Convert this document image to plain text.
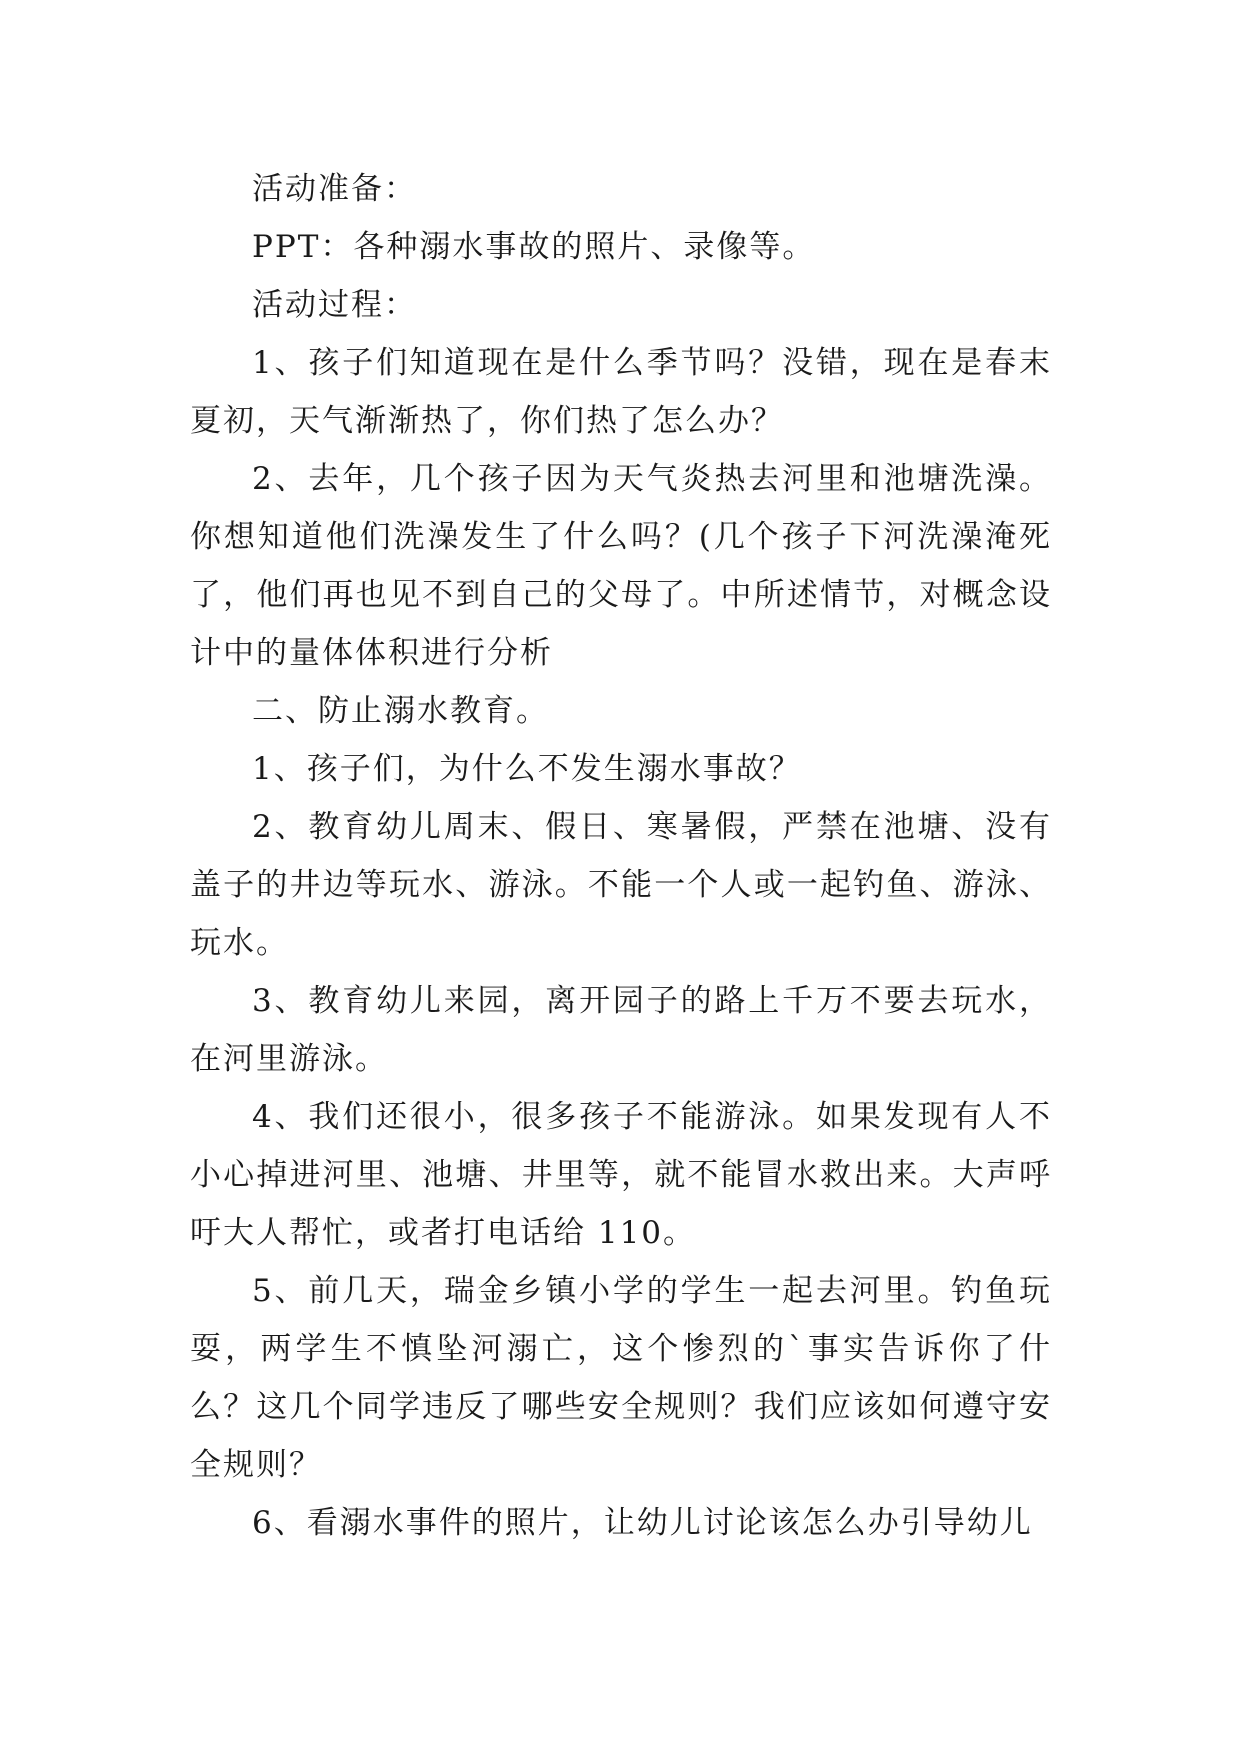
活动准备：

PPT：各种溺水事故的照片、录像等。

活动过程：

1、孩子们知道现在是什么季节吗？没错，现在是春末夏初，天气渐渐热了，你们热了怎么办？

2、去年，几个孩子因为天气炎热去河里和池塘洗澡。你想知道他们洗澡发生了什么吗？(几个孩子下河洗澡淹死了，他们再也见不到自己的父母了。中所述情节，对概念设计中的量体体积进行分析

二、防止溺水教育。

1、孩子们，为什么不发生溺水事故？

2、教育幼儿周末、假日、寒暑假，严禁在池塘、没有盖子的井边等玩水、游泳。不能一个人或一起钓鱼、游泳、玩水。

3、教育幼儿来园，离开园子的路上千万不要去玩水，在河里游泳。

4、我们还很小，很多孩子不能游泳。如果发现有人不小心掉进河里、池塘、井里等，就不能冒水救出来。大声呼吁大人帮忙，或者打电话给 110。

5、前几天，瑞金乡镇小学的学生一起去河里。钓鱼玩耍，两学生不慎坠河溺亡，这个惨烈的`事实告诉你了什么？这几个同学违反了哪些安全规则？我们应该如何遵守安全规则？

6、看溺水事件的照片，让幼儿讨论该怎么办引导幼儿
